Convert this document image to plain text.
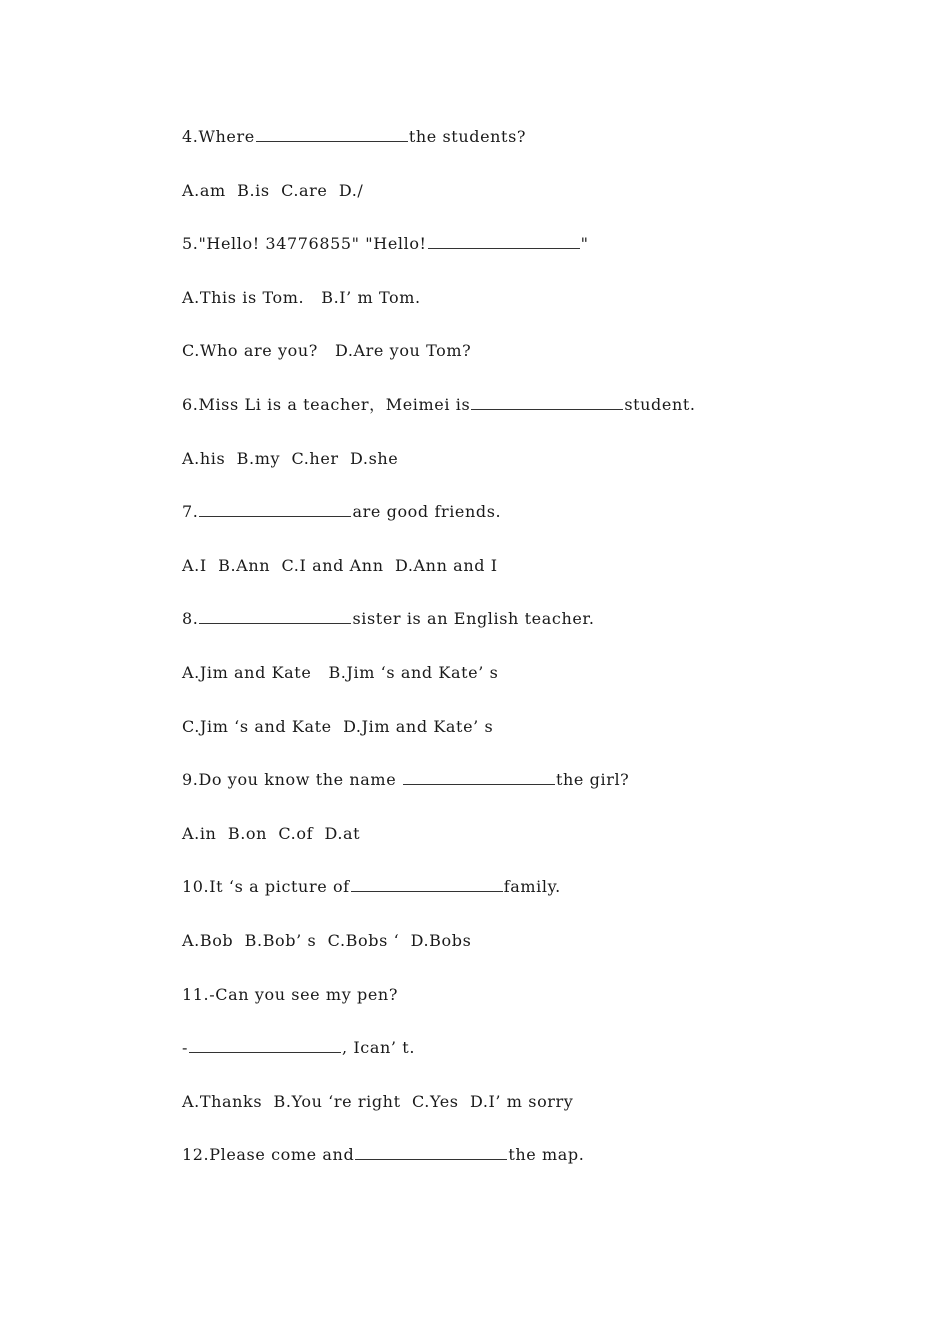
4.Where	the students?
A.am  B.is  C.are  D./
5."Hello! 34776855" "Hello!	"
A.This is Tom.   B.I’ m Tom.
C.Who are you?   D.Are you Tom?
6.Miss Li is a teacher，Meimei is	student.
A.his  B.my  C.her  D.she
7.	are good friends.
A.I  B.Ann  C.I and Ann  D.Ann and I
8.	sister is an English teacher.
A.Jim and Kate   B.Jim ‘s and Kate’ s
C.Jim ‘s and Kate  D.Jim and Kate’ s
9.Do you know the name	the girl?
A.in  B.on  C.of  D.at
10.It ‘s a picture of	family.
A.Bob  B.Bob’ s  C.Bobs ‘  D.Bobs
11.-Can you see my pen?
-	, Ican’ t.
A.Thanks  B.You ‘re right  C.Yes  D.I’ m sorry
12.Please come and	the map.
